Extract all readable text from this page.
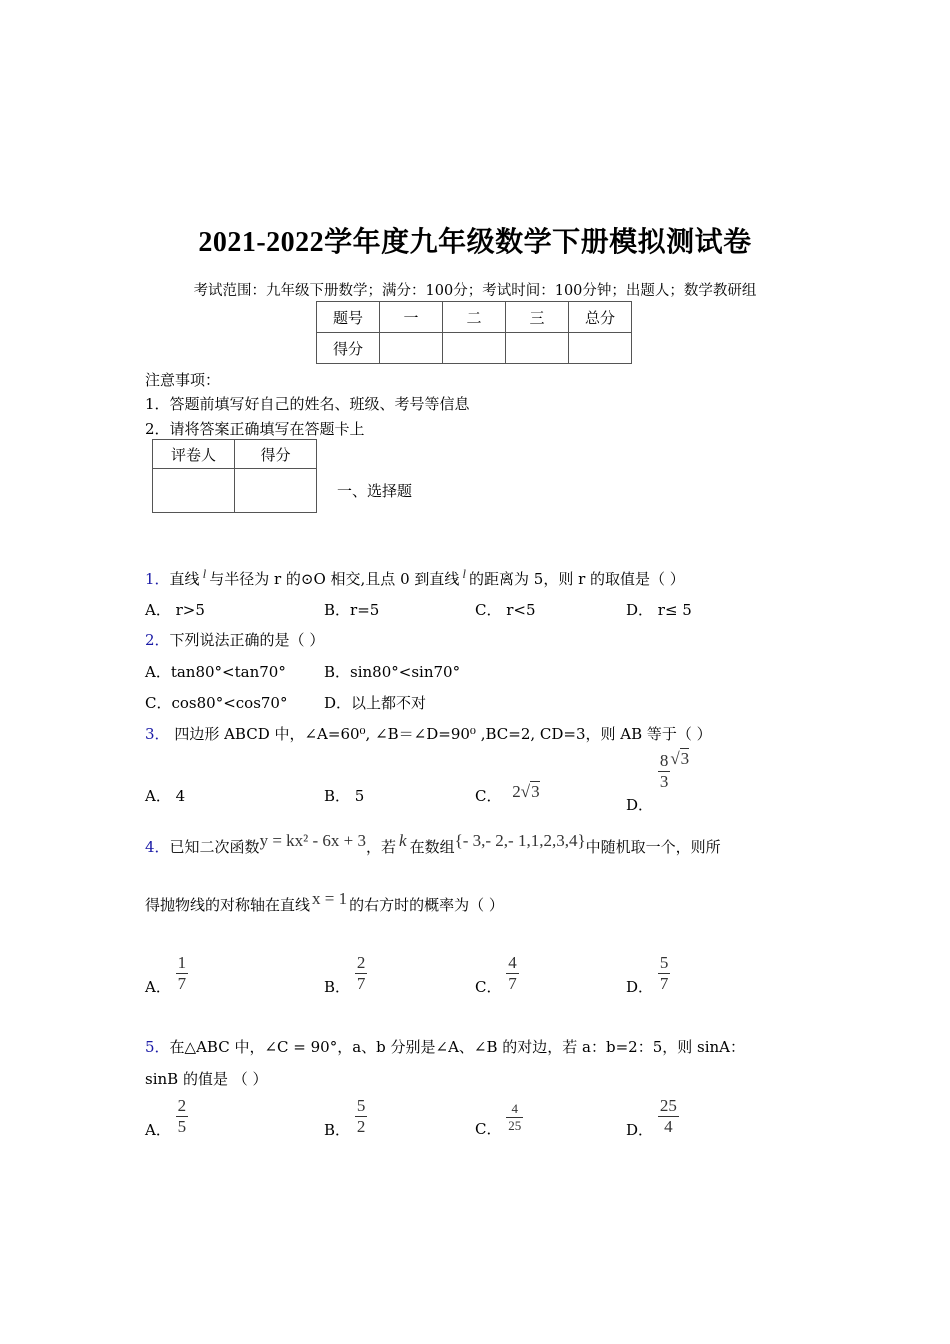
2021-2022学年度九年级数学下册模拟测试卷
考试范围：九年级下册数学；满分：100分；考试时间：100分钟；出题人；数学教研组
题号	一	二	三	总分
得分				
注意事项：
1．答题前填写好自己的姓名、班级、考号等信息
2．请将答案正确填写在答题卡上
评卷人	得分

一、选择题
1．直线 l 与半径为 r 的⊙O 相交,且点 0 到直线 l 的距离为 5，则 r 的取值是（ ）
A． r>5	B．r=5	C． r<5	D． r≤ 5
2．下列说法正确的是（ ）
A．tan80°<tan70°	B．sin80°<sin70°
C．cos80°<cos70° D．以上都不对
3． 四边形 ABCD 中，∠A=60⁰, ∠B＝∠D=90⁰ ,BC=2, CD=3，则 AB 等于（ ）
A． 4	B． 5	C． 2√3
D．
$\frac{8}{3} √3$
4．已知二次函数y = kx² - 6x + 3，若 k 在数组{- 3,- 2,- 1,1,2,3,4}中随机取一个，则所
得抛物线的对称轴在直线 x = 1 的右方时的概率为（ ）
A． $\frac{1}{7}$	B． $\frac{2}{7}$	C． $\frac{4}{7}$	D． $\frac{5}{7}$
5．在△ABC 中，∠C = 90°，a、b 分别是∠A、∠B 的对边，若 a：b=2：5，则 sinA：
sinB 的值是 （ ）
A． $\frac{2}{5}$	B． $\frac{5}{2}$	C． $\frac{4}{25}$	D． $\frac{25}{4}$
